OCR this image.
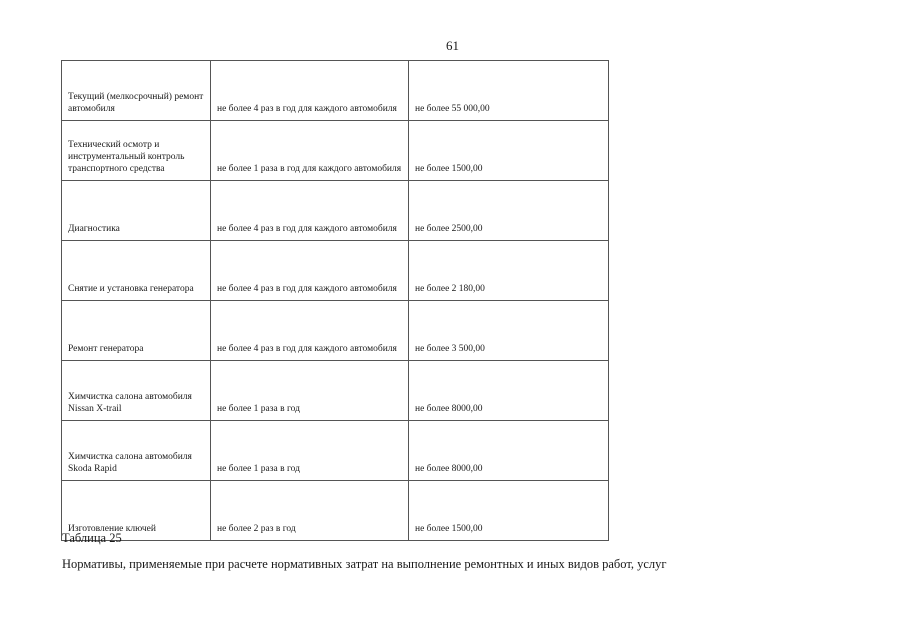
61
Текущий (мелкосрочный) ремонт автомобиля	не более 4 раз в год для каждого автомобиля	не более 55 000,00
Технический осмотр и инструментальный контроль транспортного средства	не более 1 раза в год для каждого автомобиля	не более 1500,00
Диагностика	не более 4 раз в год для каждого автомобиля	не более 2500,00
Снятие и установка генератора	не более 4 раз в год для каждого автомобиля	не более 2 180,00
Ремонт генератора	не более 4 раз в год для каждого автомобиля	не более 3 500,00
Химчистка салона автомобиля Nissan X-trail	не более 1 раза в год	не более 8000,00
Химчистка салона автомобиля Skoda Rapid	не более 1 раза в год	не более 8000,00
Изготовление ключей	не более 2 раз в год	не более 1500,00
Таблица 25
Нормативы, применяемые при расчете нормативных затрат на выполнение ремонтных и иных видов работ, услуг
